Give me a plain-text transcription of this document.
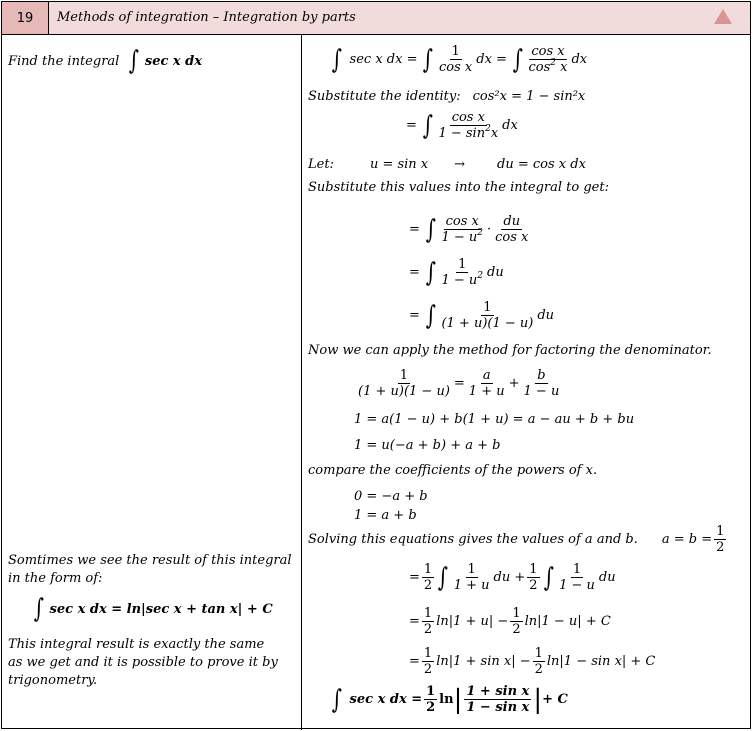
19	Methods of integration – Integration by parts
Find the integral ∫ sec x dx
Somtimes we see the result of this integral
in the form of:
∫ sec x dx = ln|sec x + tan x| + C
This integral result is exactly the same
as we get and it is possible to prove it by
trigonometry.
∫ sec x dx = ∫ 1
cos x
dx = ∫ cos x
$\cos^2 x$
dx
Substitute the identity: cos²x = 1 − sin²x
= ∫ cos x
$1 - \sin^2x$
dx
Let:	u = sin x → du = cos x dx
Substitute this values into the integral to get:
= ∫ cos x
$1 - u^2$ ·
du
cos x
= ∫ 1
$1 - u^2$ du
= ∫	1
(1 + u)(1 − u)
du
Now we can apply the method for factoring the denominator.
$\frac{1}{(1 + u)(1 - u)} = \frac{a}{1 + u} + \frac{b}{1 - u}$
1 = a(1 − u) + b(1 + u) = a − au + b + bu
1 = u(−a + b) + a + b
compare the coefficients of the powers of x.
0 = −a + b
1 = a + b
Solving this equations gives the values of a and b. $a = b = \frac{1}{2}$
= $\frac{1}{2}$ ∫ 1
1 + u
du + $\frac{1}{2}$ ∫ 1
1 − u
du
= $\frac{1}{2} \ln|1 + u| - \frac{1}{2} \ln|1 - u| + C$
= $\frac{1}{2} \ln|1 + \sin x| - \frac{1}{2} \ln|1 - \sin x| + C$
∫ sec x dx = $\frac{1}{2}$ ln | 1 + sin x
1 − sin x | + C
